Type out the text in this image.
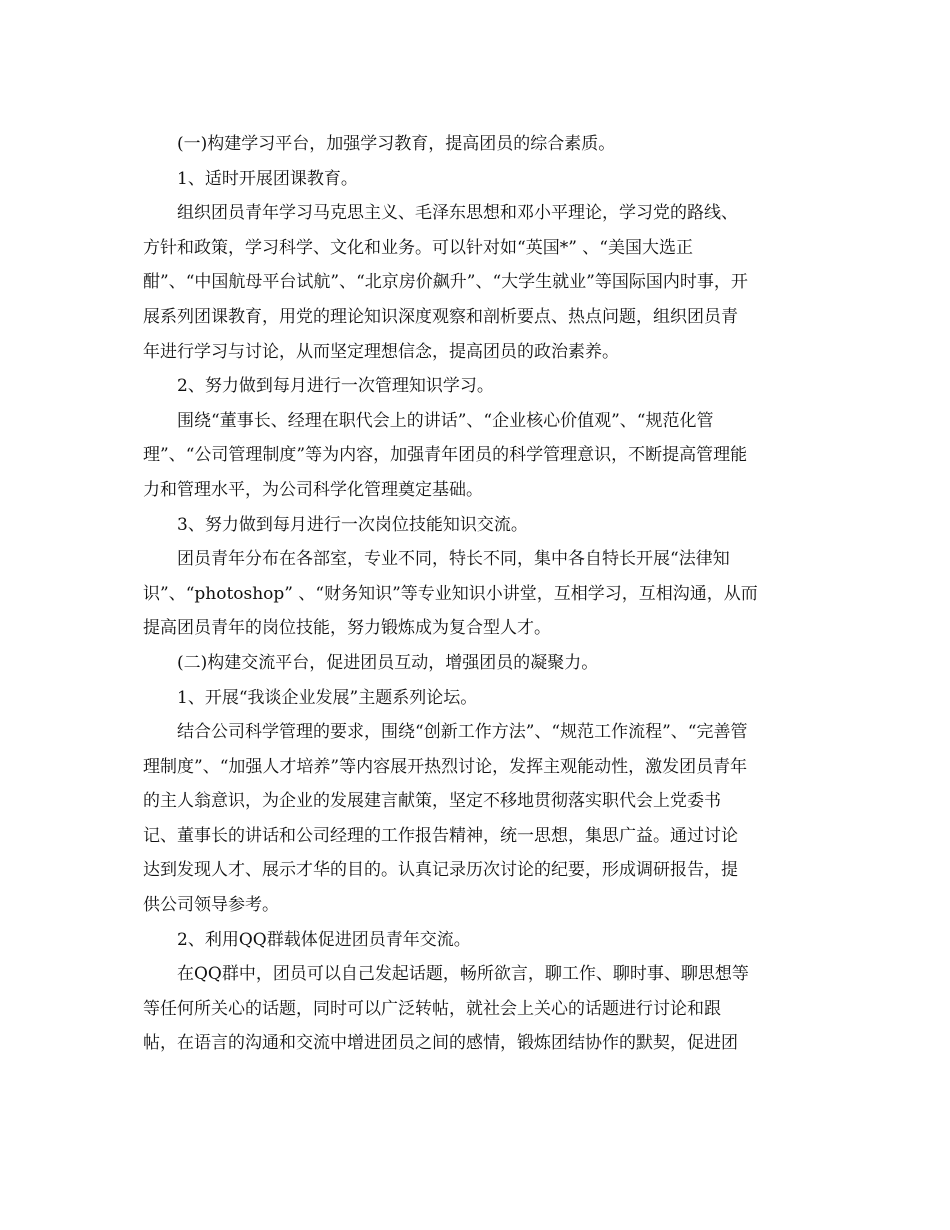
(一)构建学习平台，加强学习教育，提高团员的综合素质。
1、适时开展团课教育。
组织团员青年学习马克思主义、毛泽东思想和邓小平理论，学习党的路线、
方针和政策，学习科学、文化和业务。可以针对如“英国*” 、“美国大选正
酣”、“中国航母平台试航”、“北京房价飙升”、“大学生就业”等国际国内时事，开
展系列团课教育，用党的理论知识深度观察和剖析要点、热点问题，组织团员青
年进行学习与讨论，从而坚定理想信念，提高团员的政治素养。
2、努力做到每月进行一次管理知识学习。
围绕“董事长、经理在职代会上的讲话”、“企业核心价值观”、“规范化管
理”、“公司管理制度”等为内容，加强青年团员的科学管理意识，不断提高管理能
力和管理水平，为公司科学化管理奠定基础。
3、努力做到每月进行一次岗位技能知识交流。
团员青年分布在各部室，专业不同，特长不同，集中各自特长开展“法律知
识”、“photoshop” 、“财务知识”等专业知识小讲堂，互相学习，互相沟通，从而
提高团员青年的岗位技能，努力锻炼成为复合型人才。
(二)构建交流平台，促进团员互动，增强团员的凝聚力。
1、开展“我谈企业发展”主题系列论坛。
结合公司科学管理的要求，围绕“创新工作方法”、“规范工作流程”、“完善管
理制度”、“加强人才培养”等内容展开热烈讨论，发挥主观能动性，激发团员青年
的主人翁意识，为企业的发展建言献策，坚定不移地贯彻落实职代会上党委书
记、董事长的讲话和公司经理的工作报告精神，统一思想，集思广益。通过讨论
达到发现人才、展示才华的目的。认真记录历次讨论的纪要，形成调研报告，提
供公司领导参考。
2、利用QQ群载体促进团员青年交流。
在QQ群中，团员可以自己发起话题，畅所欲言，聊工作、聊时事、聊思想等
等任何所关心的话题，同时可以广泛转帖，就社会上关心的话题进行讨论和跟
帖，在语言的沟通和交流中增进团员之间的感情，锻炼团结协作的默契，促进团
